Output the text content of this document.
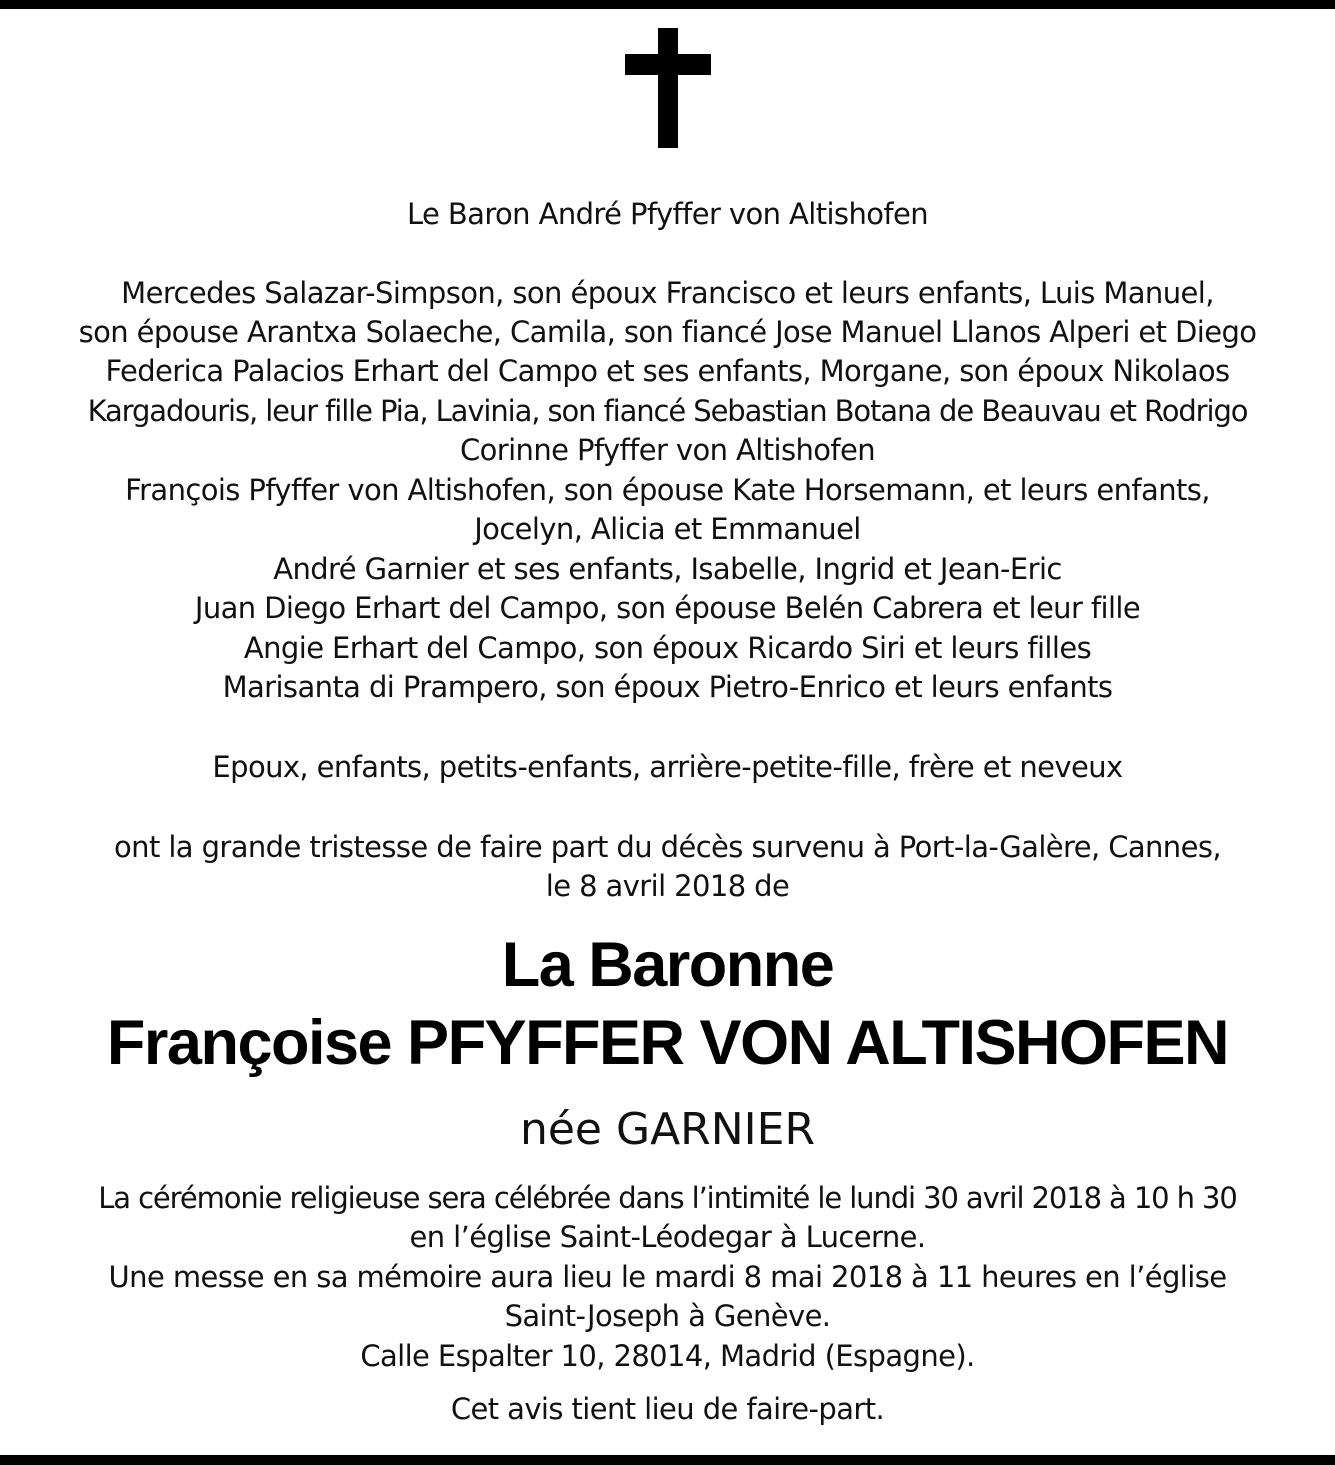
Le Baron André Pfyffer von Altishofen
Mercedes Salazar-Simpson, son époux Francisco et leurs enfants, Luis Manuel,
son épouse Arantxa Solaeche, Camila, son fiancé Jose Manuel Llanos Alperi et Diego
Federica Palacios Erhart del Campo et ses enfants, Morgane, son époux Nikolaos
Kargadouris, leur fille Pia, Lavinia, son fiancé Sebastian Botana de Beauvau et Rodrigo
Corinne Pfyffer von Altishofen
François Pfyffer von Altishofen, son épouse Kate Horsemann, et leurs enfants,
Jocelyn, Alicia et Emmanuel
André Garnier et ses enfants, Isabelle, Ingrid et Jean-Eric
Juan Diego Erhart del Campo, son épouse Belén Cabrera et leur fille
Angie Erhart del Campo, son époux Ricardo Siri et leurs filles
Marisanta di Prampero, son époux Pietro-Enrico et leurs enfants
Epoux, enfants, petits-enfants, arrière-petite-fille, frère et neveux
ont la grande tristesse de faire part du décès survenu à Port-la-Galère, Cannes,
le 8 avril 2018 de
La Baronne
Françoise PFYFFER VON ALTISHOFEN
née GARNIER
La cérémonie religieuse sera célébrée dans l’intimité le lundi 30 avril 2018 à 10 h 30
en l’église Saint-Léodegar à Lucerne.
Une messe en sa mémoire aura lieu le mardi 8 mai 2018 à 11 heures en l’église
Saint-Joseph à Genève.
Calle Espalter 10, 28014, Madrid (Espagne).
Cet avis tient lieu de faire-part.
